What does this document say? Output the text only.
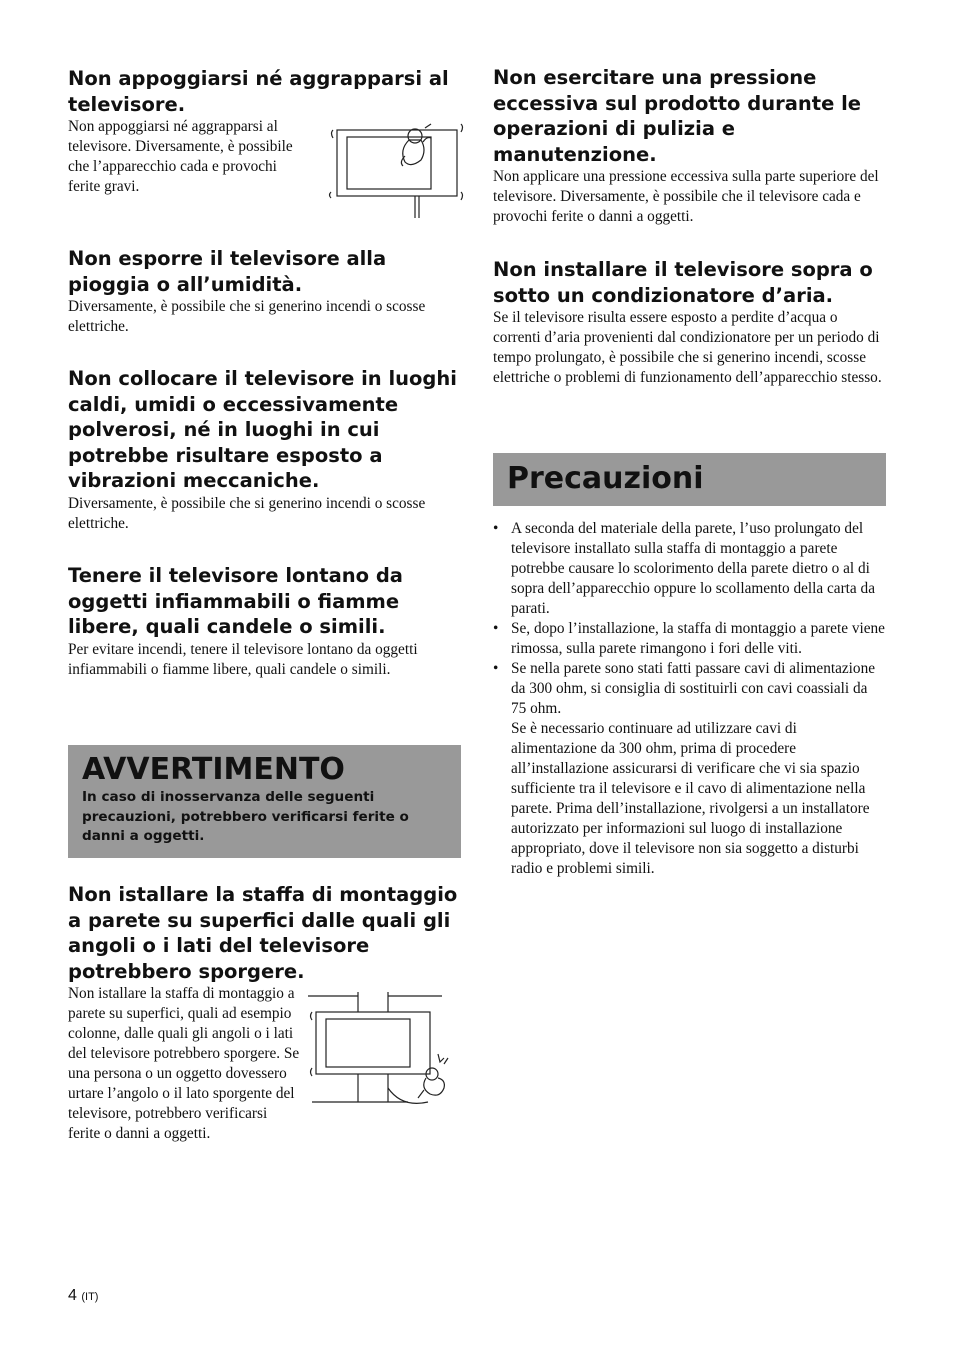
Non appoggiarsi né aggrapparsi al televisore.

Non appoggiarsi né aggrapparsi al televisore. Diversamente, è possibile che l’apparecchio cada e provochi ferite gravi.

Non esporre il televisore alla pioggia o all’umidità.

Diversamente, è possibile che si generino incendi o scosse elettriche.

Non collocare il televisore in luoghi caldi, umidi o eccessivamente polverosi, né in luoghi in cui potrebbe risultare esposto a vibrazioni meccaniche.

Diversamente, è possibile che si generino incendi o scosse elettriche.

Tenere il televisore lontano da oggetti infiammabili o fiamme libere, quali candele o simili.

Per evitare incendi, tenere il televisore lontano da oggetti infiammabili o fiamme libere, quali candele o simili.

AVVERTIMENTO

In caso di inosservanza delle seguenti precauzioni, potrebbero verificarsi ferite o danni a oggetti.

Non istallare la staffa di montaggio a parete su superfici dalle quali gli angoli o i lati del televisore potrebbero sporgere.

Non istallare la staffa di montaggio a parete su superfici, quali ad esempio colonne, dalle quali gli angoli o i lati del televisore potrebbero sporgere. Se una persona o un oggetto dovessero urtare l’angolo o il lato sporgente del televisore, potrebbero verificarsi ferite o danni a oggetti.

Non esercitare una pressione eccessiva sul prodotto durante le operazioni di pulizia e manutenzione.

Non applicare una pressione eccessiva sulla parte superiore del televisore. Diversamente, è possibile che il televisore cada e provochi ferite o danni a oggetti.

Non installare il televisore sopra o sotto un condizionatore d’aria.

Se il televisore risulta essere esposto a perdite d’acqua o correnti d’aria provenienti dal condizionatore per un periodo di tempo prolungato, è possibile che si generino incendi, scosse elettriche o problemi di funzionamento dell’apparecchio stesso.

Precauzioni

• A seconda del materiale della parete, l’uso prolungato del televisore installato sulla staffa di montaggio a parete potrebbe causare lo scolorimento della parete dietro o al di sopra dell’apparecchio oppure lo scollamento della carta da parati.
• Se, dopo l’installazione, la staffa di montaggio a parete viene rimossa, sulla parete rimangono i fori delle viti.
• Se nella parete sono stati fatti passare cavi di alimentazione da 300 ohm, si consiglia di sostituirli con cavi coassiali da 75 ohm.
Se è necessario continuare ad utilizzare cavi di alimentazione da 300 ohm, prima di procedere all’installazione assicurarsi di verificare che vi sia spazio sufficiente tra il televisore e il cavo di alimentazione nella parete. Prima dell’installazione, rivolgersi a un installatore autorizzato per informazioni sul luogo di installazione appropriato, dove il televisore non sia soggetto a disturbi radio e problemi simili.
4 (IT)
